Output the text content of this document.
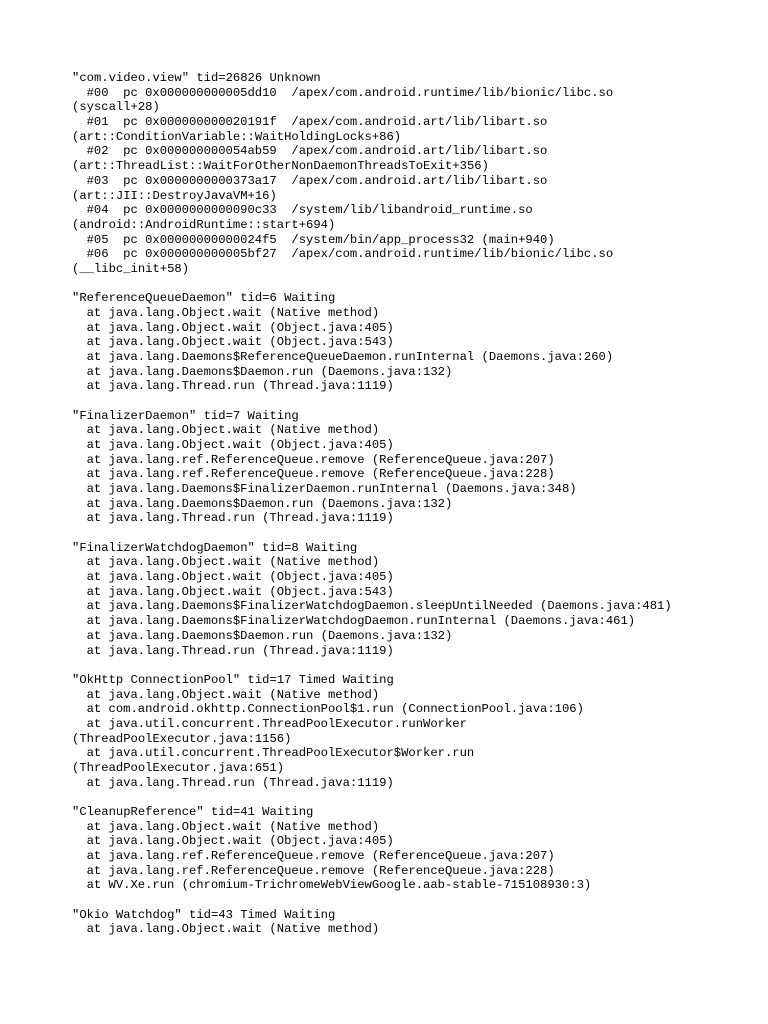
"com.video.view" tid=26826 Unknown
#00  pc 0x000000000005dd10  /apex/com.android.runtime/lib/bionic/libc.so
(syscall+28)
#01  pc 0x000000000020191f  /apex/com.android.art/lib/libart.so
(art::ConditionVariable::WaitHoldingLocks+86)
#02  pc 0x000000000054ab59  /apex/com.android.art/lib/libart.so
(art::ThreadList::WaitForOtherNonDaemonThreadsToExit+356)
#03  pc 0x0000000000373a17  /apex/com.android.art/lib/libart.so
(art::JII::DestroyJavaVM+16)
#04  pc 0x0000000000090c33  /system/lib/libandroid_runtime.so
(android::AndroidRuntime::start+694)
#05  pc 0x00000000000024f5  /system/bin/app_process32 (main+940)
#06  pc 0x000000000005bf27  /apex/com.android.runtime/lib/bionic/libc.so
(__libc_init+58)
"ReferenceQueueDaemon" tid=6 Waiting
at java.lang.Object.wait (Native method)
at java.lang.Object.wait (Object.java:405)
at java.lang.Object.wait (Object.java:543)
at java.lang.Daemons$ReferenceQueueDaemon.runInternal (Daemons.java:260)
at java.lang.Daemons$Daemon.run (Daemons.java:132)
at java.lang.Thread.run (Thread.java:1119)
"FinalizerDaemon" tid=7 Waiting
at java.lang.Object.wait (Native method)
at java.lang.Object.wait (Object.java:405)
at java.lang.ref.ReferenceQueue.remove (ReferenceQueue.java:207)
at java.lang.ref.ReferenceQueue.remove (ReferenceQueue.java:228)
at java.lang.Daemons$FinalizerDaemon.runInternal (Daemons.java:348)
at java.lang.Daemons$Daemon.run (Daemons.java:132)
at java.lang.Thread.run (Thread.java:1119)
"FinalizerWatchdogDaemon" tid=8 Waiting
at java.lang.Object.wait (Native method)
at java.lang.Object.wait (Object.java:405)
at java.lang.Object.wait (Object.java:543)
at java.lang.Daemons$FinalizerWatchdogDaemon.sleepUntilNeeded (Daemons.java:481)
at java.lang.Daemons$FinalizerWatchdogDaemon.runInternal (Daemons.java:461)
at java.lang.Daemons$Daemon.run (Daemons.java:132)
at java.lang.Thread.run (Thread.java:1119)
"OkHttp ConnectionPool" tid=17 Timed Waiting
at java.lang.Object.wait (Native method)
at com.android.okhttp.ConnectionPool$1.run (ConnectionPool.java:106)
at java.util.concurrent.ThreadPoolExecutor.runWorker
(ThreadPoolExecutor.java:1156)
at java.util.concurrent.ThreadPoolExecutor$Worker.run
(ThreadPoolExecutor.java:651)
at java.lang.Thread.run (Thread.java:1119)
"CleanupReference" tid=41 Waiting
at java.lang.Object.wait (Native method)
at java.lang.Object.wait (Object.java:405)
at java.lang.ref.ReferenceQueue.remove (ReferenceQueue.java:207)
at java.lang.ref.ReferenceQueue.remove (ReferenceQueue.java:228)
at WV.Xe.run (chromium-TrichromeWebViewGoogle.aab-stable-715108930:3)
"Okio Watchdog" tid=43 Timed Waiting
at java.lang.Object.wait (Native method)
